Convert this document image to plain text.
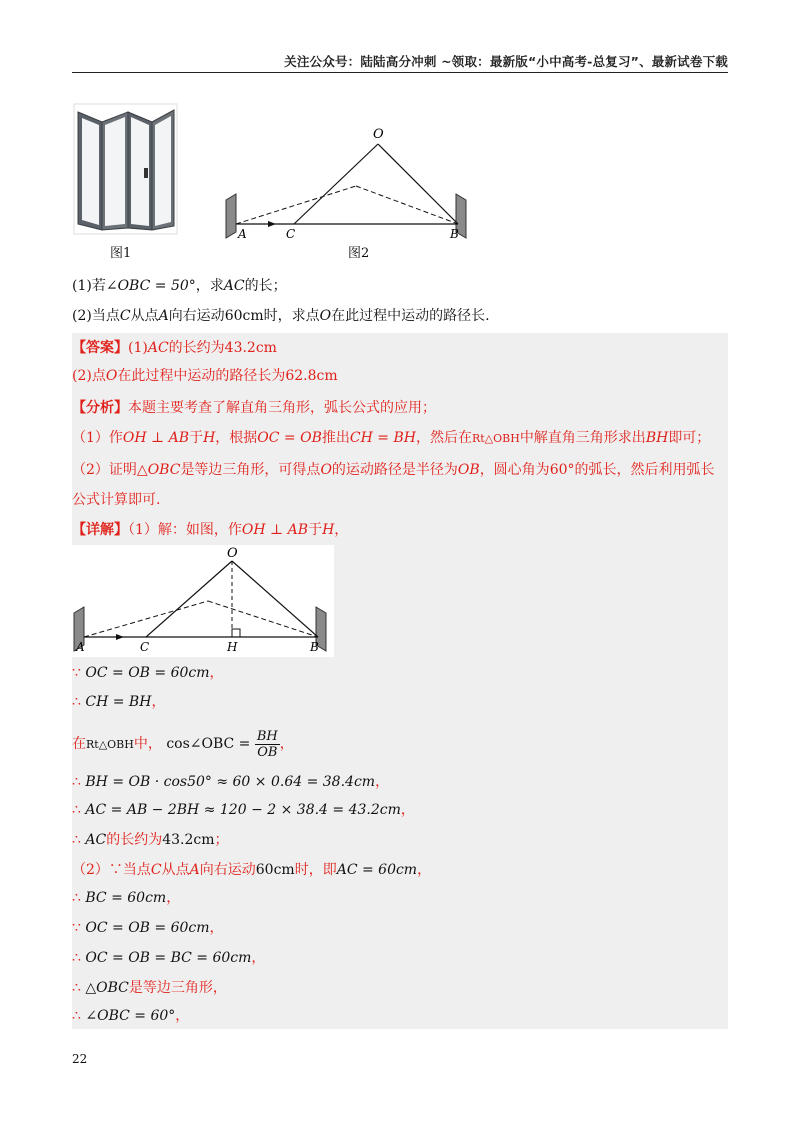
关注公众号：陆陆高分冲刺 ~领取：最新版“小中高考-总复习”、最新试卷下载
图1
O
A	C	B
图2
(1)若∠OBC = 50°，求AC的长；
(2)当点C从点A向右运动60cm时，求点O在此过程中运动的路径长.
【答案】(1)AC的长约为43.2cm
(2)点O在此过程中运动的路径长为62.8cm
【分析】本题主要考查了解直角三角形，弧长公式的应用；
（1）作OH ⊥ AB于H，根据OC = OB推出CH = BH，然后在Rt△OBH中解直角三角形求出BH即可；
（2）证明△OBC是等边三角形，可得点O的运动路径是半径为OB，圆心角为60°的弧长，然后利用弧长
公式计算即可.
【详解】（1）解：如图，作OH ⊥ AB于H，
O
A	C	H	B
∵ OC = OB = 60cm，
∴ CH = BH，
在Rt△OBH中， cos∠OBC = $\frac{BH}{OB}$ ，
∴ BH = OB · cos50° ≈ 60 × 0.64 = 38.4cm，
∴ AC = AB − 2BH ≈ 120 − 2 × 38.4 = 43.2cm，
∴ AC的长约为43.2cm；
（2）∵当点C从点A向右运动60cm时，即AC = 60cm，
∴ BC = 60cm，
∵ OC = OB = 60cm，
∴ OC = OB = BC = 60cm，
∴ △OBC是等边三角形，
∴ ∠OBC = 60°，
22
